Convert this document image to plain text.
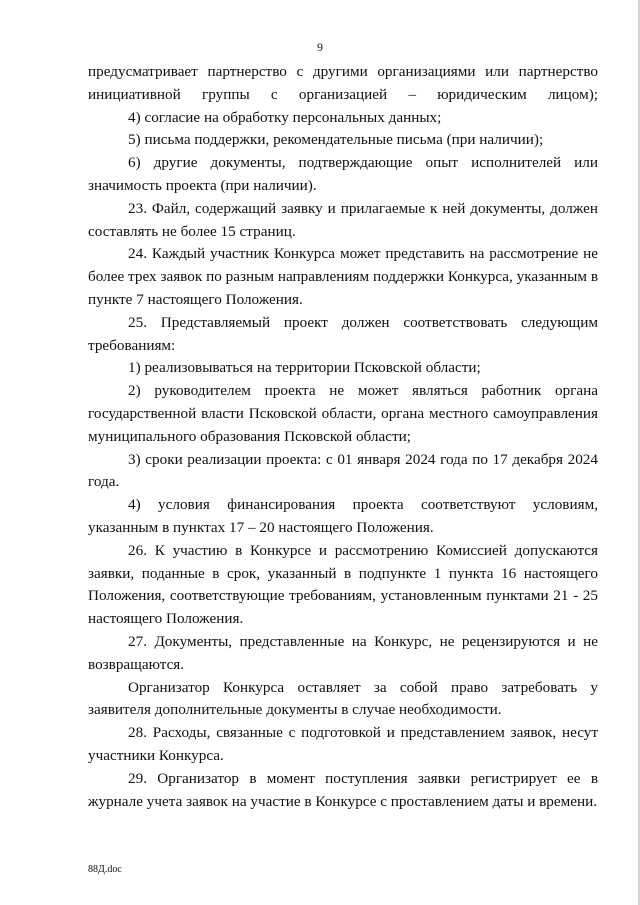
9

предусматривает партнерство с другими организациями или партнерство инициативной группы с организацией – юридическим лицом);

4) согласие на обработку персональных данных;

5) письма поддержки, рекомендательные письма (при наличии);

6) другие документы, подтверждающие опыт исполнителей или значимость проекта (при наличии).

23. Файл, содержащий заявку и прилагаемые к ней документы, должен составлять не более 15 страниц.

24. Каждый участник Конкурса может представить на рассмотрение не более трех заявок по разным направлениям поддержки Конкурса, указанным в пункте 7 настоящего Положения.

25. Представляемый проект должен соответствовать следующим требованиям:

1) реализовываться на территории Псковской области;

2) руководителем проекта не может являться работник органа государственной власти Псковской области, органа местного самоуправления муниципального образования Псковской области;

3) сроки реализации проекта: с 01 января 2024 года по 17 декабря 2024 года.

4) условия финансирования проекта соответствуют условиям, указанным в пунктах 17 – 20 настоящего Положения.

26. К участию в Конкурсе и рассмотрению Комиссией допускаются заявки, поданные в срок, указанный в подпункте 1 пункта 16 настоящего Положения, соответствующие требованиям, установленным пунктами 21 - 25 настоящего Положения.

27. Документы, представленные на Конкурс, не рецензируются и не возвращаются.

Организатор Конкурса оставляет за собой право затребовать у заявителя дополнительные документы в случае необходимости.

28. Расходы, связанные с подготовкой и представлением заявок, несут участники Конкурса.

29. Организатор в момент поступления заявки регистрирует ее в журнале учета заявок на участие в Конкурсе с проставлением даты и времени.

88Д.doc
